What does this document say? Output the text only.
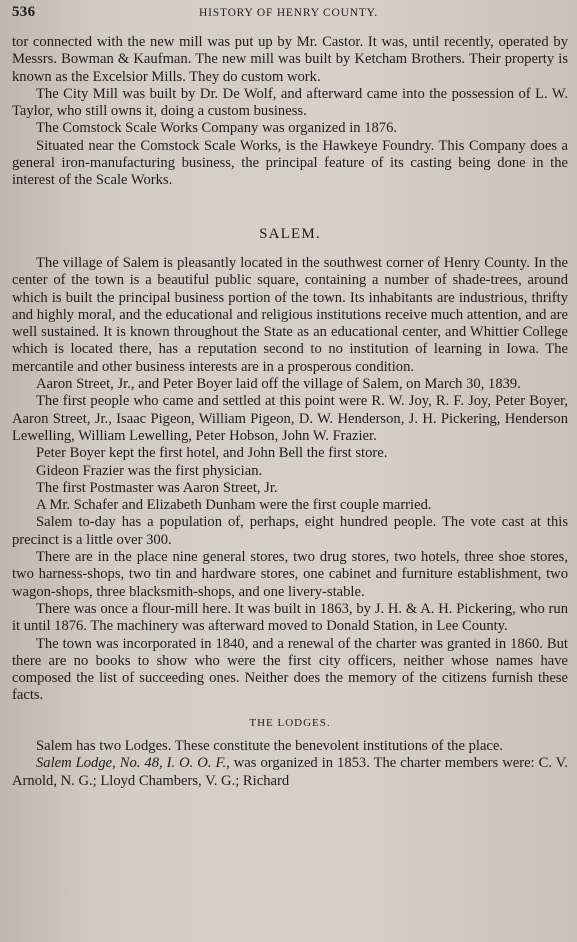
536	HISTORY OF HENRY COUNTY.

tor connected with the new mill was put up by Mr. Castor. It was, until recently, operated by Messrs. Bowman & Kaufman. The new mill was built by Ketcham Brothers. Their property is known as the Excelsior Mills. They do custom work.

The City Mill was built by Dr. De Wolf, and afterward came into the possession of L. W. Taylor, who still owns it, doing a custom business.

The Comstock Scale Works Company was organized in 1876.

Situated near the Comstock Scale Works, is the Hawkeye Foundry. This Company does a general iron-manufacturing business, the principal feature of its casting being done in the interest of the Scale Works.

SALEM.

The village of Salem is pleasantly located in the southwest corner of Henry County. In the center of the town is a beautiful public square, containing a number of shade-trees, around which is built the principal business portion of the town. Its inhabitants are industrious, thrifty and highly moral, and the educational and religious institutions receive much attention, and are well sustained. It is known throughout the State as an educational center, and Whittier College which is located there, has a reputation second to no institution of learning in Iowa. The mercantile and other business interests are in a prosperous condition.

Aaron Street, Jr., and Peter Boyer laid off the village of Salem, on March 30, 1839.

The first people who came and settled at this point were R. W. Joy, R. F. Joy, Peter Boyer, Aaron Street, Jr., Isaac Pigeon, William Pigeon, D. W. Henderson, J. H. Pickering, Henderson Lewelling, William Lewelling, Peter Hobson, John W. Frazier.

Peter Boyer kept the first hotel, and John Bell the first store.

Gideon Frazier was the first physician.

The first Postmaster was Aaron Street, Jr.

A Mr. Schafer and Elizabeth Dunham were the first couple married.

Salem to-day has a population of, perhaps, eight hundred people. The vote cast at this precinct is a little over 300.

There are in the place nine general stores, two drug stores, two hotels, three shoe stores, two harness-shops, two tin and hardware stores, one cabinet and furniture establishment, two wagon-shops, three blacksmith-shops, and one livery-stable.

There was once a flour-mill here. It was built in 1863, by J. H. & A. H. Pickering, who run it until 1876. The machinery was afterward moved to Donald Station, in Lee County.

The town was incorporated in 1840, and a renewal of the charter was granted in 1860. But there are no books to show who were the first city officers, neither whose names have composed the list of succeeding ones. Neither does the memory of the citizens furnish these facts.

THE LODGES.

Salem has two Lodges. These constitute the benevolent institutions of the place.

Salem Lodge, No. 48, I. O. O. F., was organized in 1853. The charter members were: C. V. Arnold, N. G.; Lloyd Chambers, V. G.; Richard
